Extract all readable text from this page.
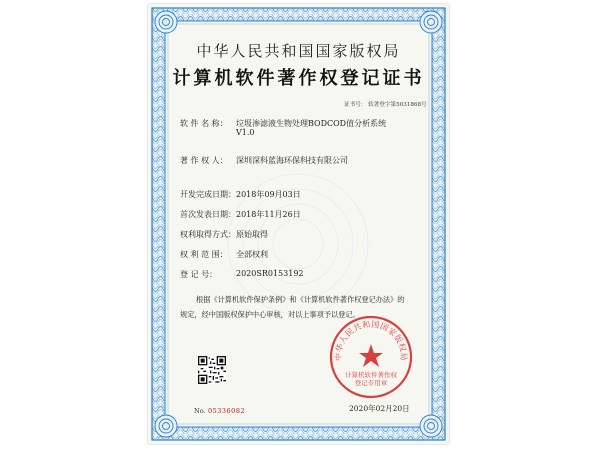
中华人民共和国国家版权局
计算机软件著作权登记证书
证书号： 软著登字第5031868号
软 件 名 称： 垃圾渗滤液生物处理BODCOD值分析系统
V1.0
著 作 权 人： 深圳深科蓝海环保科技有限公司
开发完成日期： 2018年09月03日
首次发表日期： 2018年11月26日
权利取得方式： 原始取得
权 利 范 围： 全部权利
登 记 号： 2020SR0153192
根据《计算机软件保护条例》和《计算机软件著作权登记办法》的
规定，经中国版权保护中心审核，对以上事项予以登记。
No. 05336082
中华人民共和国国家版权局
计算机软件著作权
登记专用章
2020年02月20日
